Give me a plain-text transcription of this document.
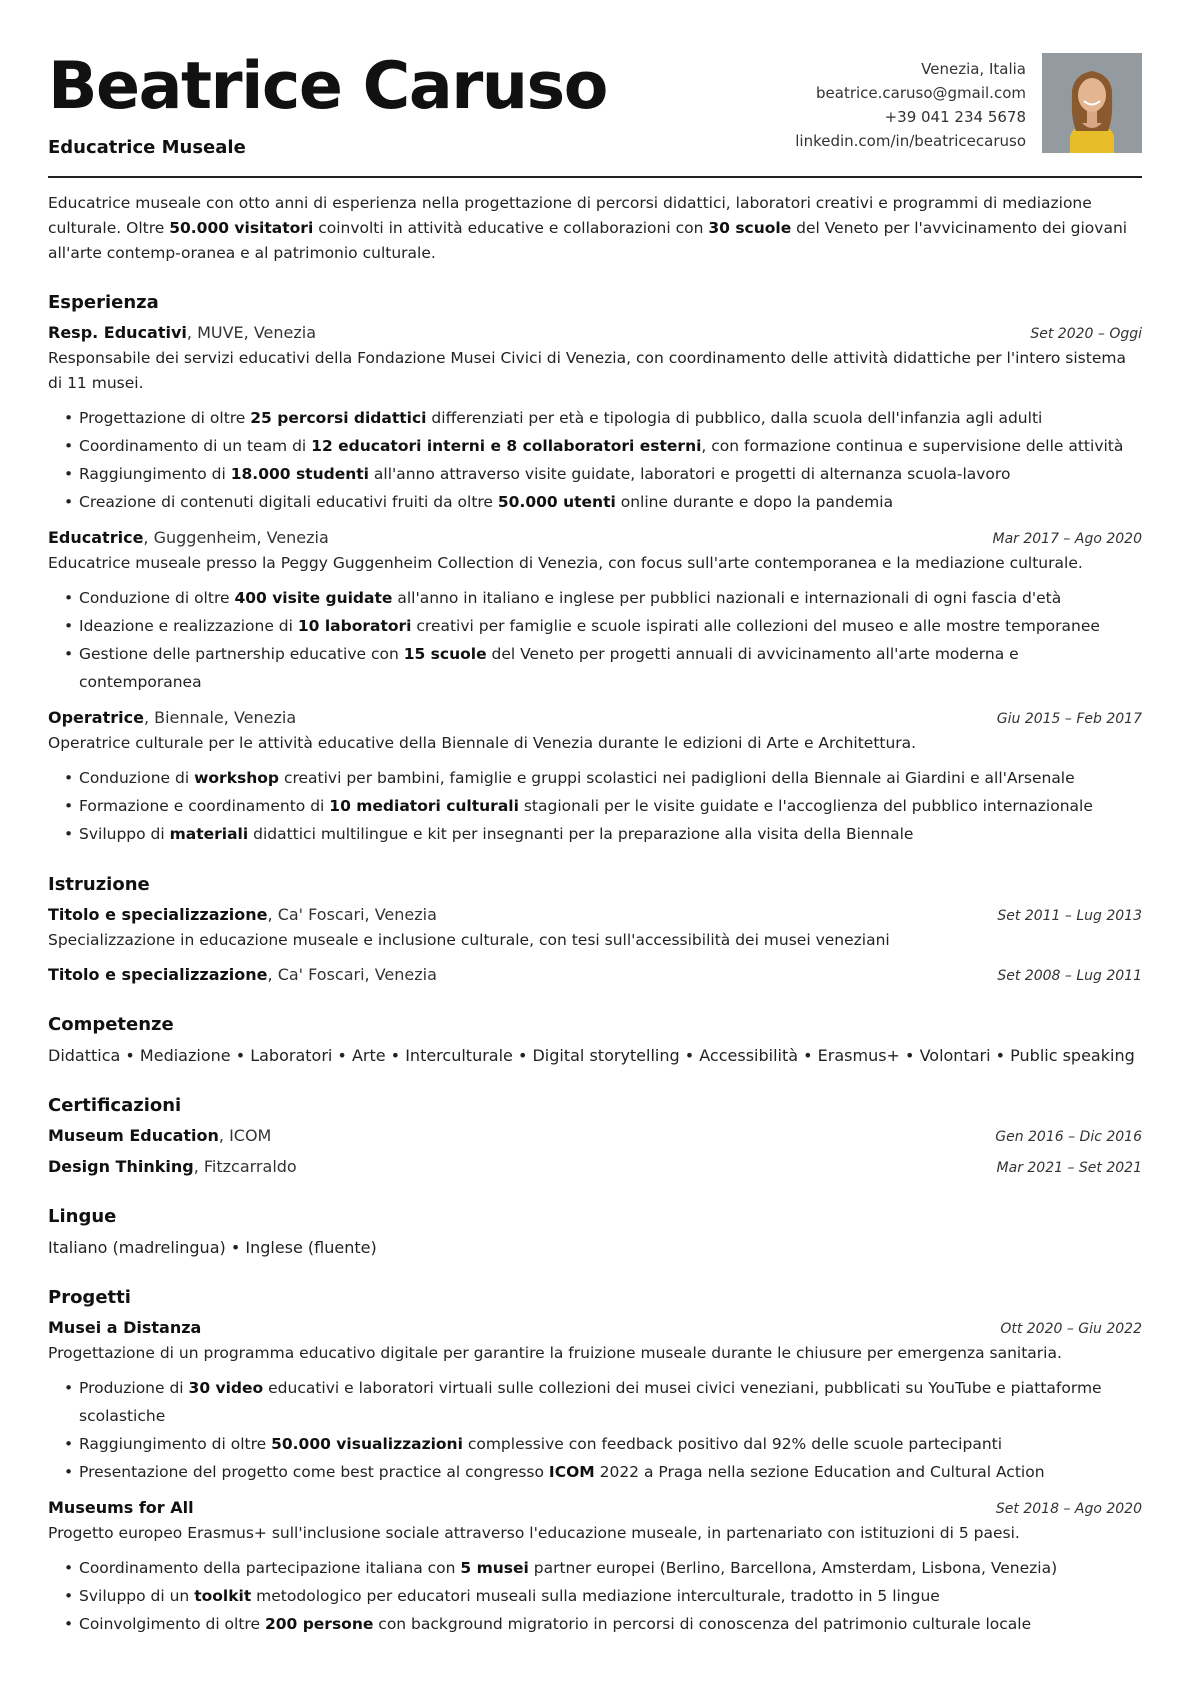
Beatrice Caruso
Educatrice Museale
Venezia, Italia
beatrice.caruso@gmail.com
+39 041 234 5678
linkedin.com/in/beatricecaruso
Educatrice museale con otto anni di esperienza nella progettazione di percorsi didattici, laboratori creativi e programmi di mediazione culturale. Oltre 50.000 visitatori coinvolti in attività educative e collaborazioni con 30 scuole del Veneto per l'avvicinamento dei giovani all'arte contemp-oranea e al patrimonio culturale.
Esperienza
Resp. Educativi, MUVE, Venezia	Set 2020 – Oggi
Responsabile dei servizi educativi della Fondazione Musei Civici di Venezia, con coordinamento delle attività didattiche per l'intero sistema di 11 musei.
• Progettazione di oltre 25 percorsi didattici differenziati per età e tipologia di pubblico, dalla scuola dell'infanzia agli adulti
• Coordinamento di un team di 12 educatori interni e 8 collaboratori esterni, con formazione continua e supervisione delle attività
• Raggiungimento di 18.000 studenti all'anno attraverso visite guidate, laboratori e progetti di alternanza scuola-lavoro
• Creazione di contenuti digitali educativi fruiti da oltre 50.000 utenti online durante e dopo la pandemia
Educatrice, Guggenheim, Venezia	Mar 2017 – Ago 2020
Educatrice museale presso la Peggy Guggenheim Collection di Venezia, con focus sull'arte contemporanea e la mediazione culturale.
• Conduzione di oltre 400 visite guidate all'anno in italiano e inglese per pubblici nazionali e internazionali di ogni fascia d'età
• Ideazione e realizzazione di 10 laboratori creativi per famiglie e scuole ispirati alle collezioni del museo e alle mostre temporanee
• Gestione delle partnership educative con 15 scuole del Veneto per progetti annuali di avvicinamento all'arte moderna e contemporanea
Operatrice, Biennale, Venezia	Giu 2015 – Feb 2017
Operatrice culturale per le attività educative della Biennale di Venezia durante le edizioni di Arte e Architettura.
• Conduzione di workshop creativi per bambini, famiglie e gruppi scolastici nei padiglioni della Biennale ai Giardini e all'Arsenale
• Formazione e coordinamento di 10 mediatori culturali stagionali per le visite guidate e l'accoglienza del pubblico internazionale
• Sviluppo di materiali didattici multilingue e kit per insegnanti per la preparazione alla visita della Biennale
Istruzione
Titolo e specializzazione, Ca' Foscari, Venezia	Set 2011 – Lug 2013
Specializzazione in educazione museale e inclusione culturale, con tesi sull'accessibilità dei musei veneziani
Titolo e specializzazione, Ca' Foscari, Venezia	Set 2008 – Lug 2011
Competenze
Didattica • Mediazione • Laboratori • Arte • Interculturale • Digital storytelling • Accessibilità • Erasmus+ • Volontari • Public speaking
Certificazioni
Museum Education, ICOM	Gen 2016 – Dic 2016
Design Thinking, Fitzcarraldo	Mar 2021 – Set 2021
Lingue
Italiano (madrelingua) • Inglese (fluente)
Progetti
Musei a Distanza	Ott 2020 – Giu 2022
Progettazione di un programma educativo digitale per garantire la fruizione museale durante le chiusure per emergenza sanitaria.
• Produzione di 30 video educativi e laboratori virtuali sulle collezioni dei musei civici veneziani, pubblicati su YouTube e piattaforme scolastiche
• Raggiungimento di oltre 50.000 visualizzazioni complessive con feedback positivo dal 92% delle scuole partecipanti
• Presentazione del progetto come best practice al congresso ICOM 2022 a Praga nella sezione Education and Cultural Action
Museums for All	Set 2018 – Ago 2020
Progetto europeo Erasmus+ sull'inclusione sociale attraverso l'educazione museale, in partenariato con istituzioni di 5 paesi.
• Coordinamento della partecipazione italiana con 5 musei partner europei (Berlino, Barcellona, Amsterdam, Lisbona, Venezia)
• Sviluppo di un toolkit metodologico per educatori museali sulla mediazione interculturale, tradotto in 5 lingue
• Coinvolgimento di oltre 200 persone con background migratorio in percorsi di conoscenza del patrimonio culturale locale
